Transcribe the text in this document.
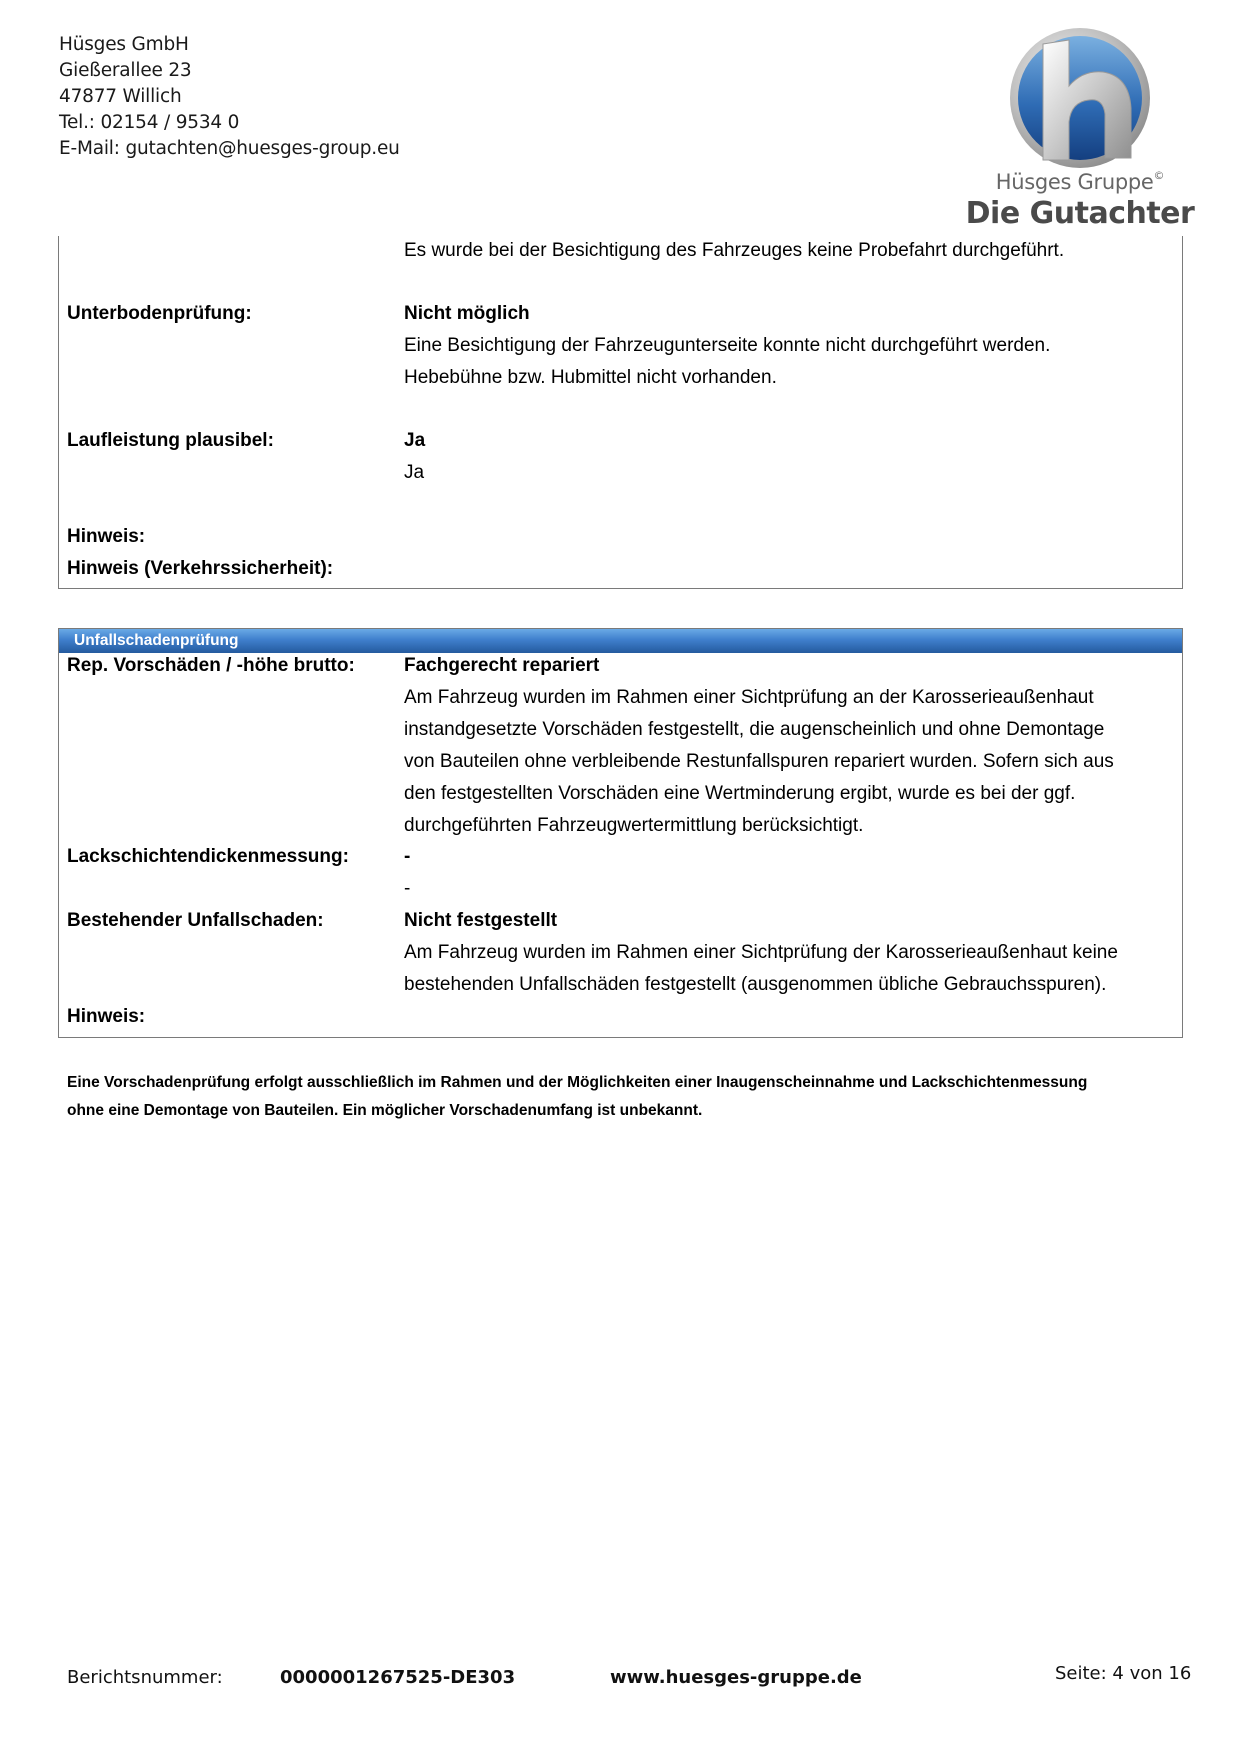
Hüsges GmbH
Gießerallee 23
47877 Willich
Tel.: 02154 / 9534 0
E-Mail: gutachten@huesges-group.eu
Hüsges Gruppe©
Die Gutachter
Es wurde bei der Besichtigung des Fahrzeuges keine Probefahrt durchgeführt.
Unterbodenprüfung:	Nicht möglich
Eine Besichtigung der Fahrzeugunterseite konnte nicht durchgeführt werden.
Hebebühne bzw. Hubmittel nicht vorhanden.
Laufleistung plausibel:	Ja
Ja
Hinweis:
Hinweis (Verkehrssicherheit):
Unfallschadenprüfung
Rep. Vorschäden / -höhe brutto:	Fachgerecht repariert
Am Fahrzeug wurden im Rahmen einer Sichtprüfung an der Karosserieaußenhaut
instandgesetzte Vorschäden festgestellt, die augenscheinlich und ohne Demontage
von Bauteilen ohne verbleibende Restunfallspuren repariert wurden. Sofern sich aus
den festgestellten Vorschäden eine Wertminderung ergibt, wurde es bei der ggf.
durchgeführten Fahrzeugwertermittlung berücksichtigt.
Lackschichtendickenmessung:	-
-
Bestehender Unfallschaden:	Nicht festgestellt
Am Fahrzeug wurden im Rahmen einer Sichtprüfung der Karosserieaußenhaut keine
bestehenden Unfallschäden festgestellt (ausgenommen übliche Gebrauchsspuren).
Hinweis:
Eine Vorschadenprüfung erfolgt ausschließlich im Rahmen und der Möglichkeiten einer Inaugenscheinnahme und Lackschichtenmessung
ohne eine Demontage von Bauteilen. Ein möglicher Vorschadenumfang ist unbekannt.
Berichtsnummer:	0000001267525-DE303	www.huesges-gruppe.de	Seite: 4 von 16
